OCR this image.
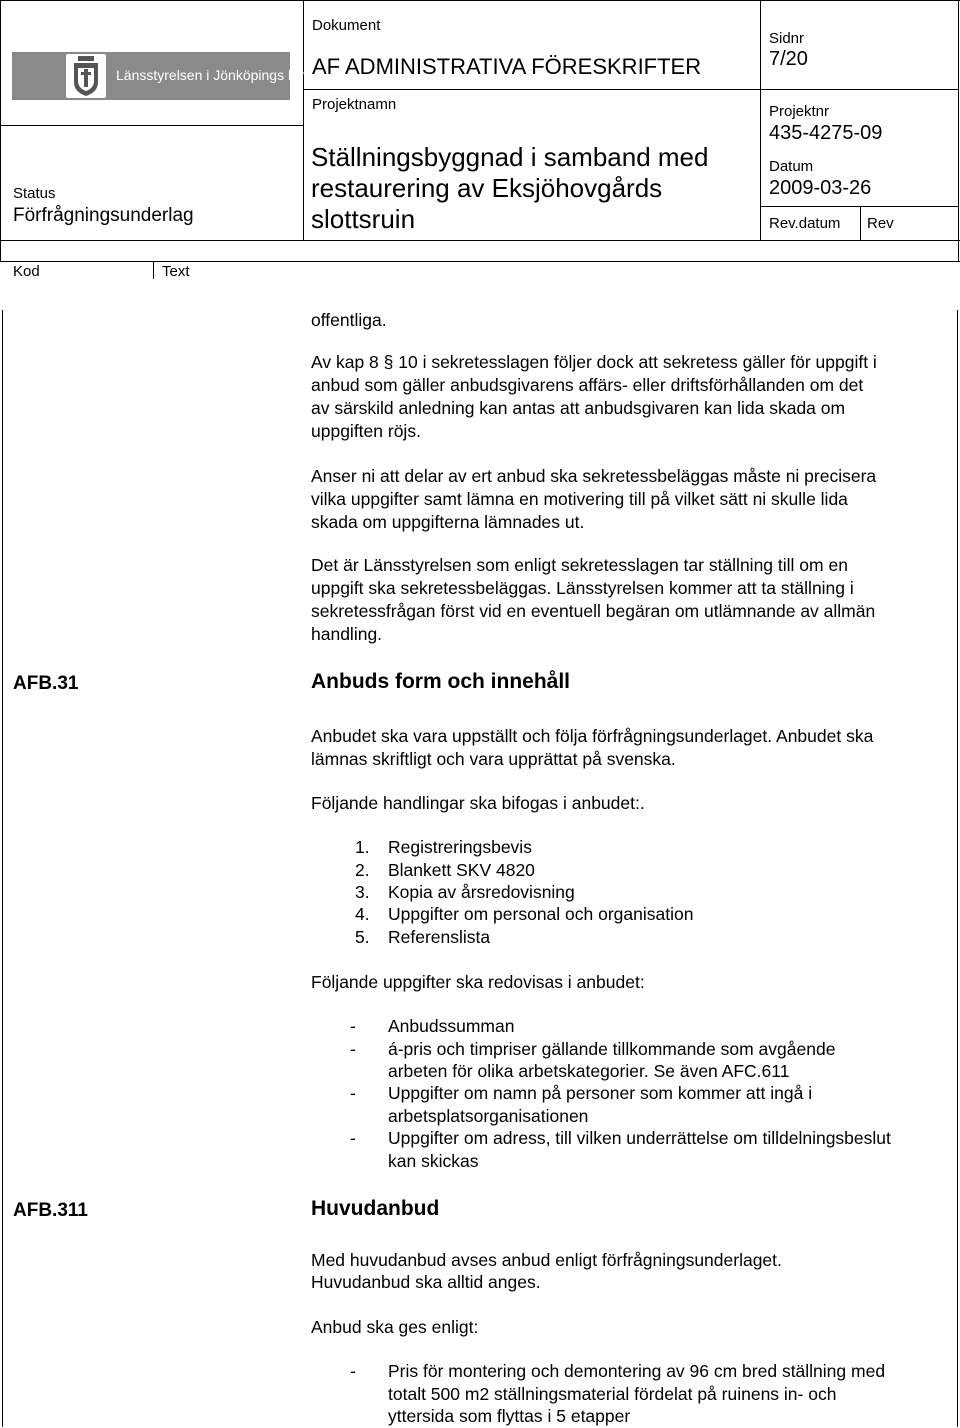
Länsstyrelsen i Jönköpings län
Dokument
AF ADMINISTRATIVA FÖRESKRIFTER
Sidnr
7/20
Projektnamn
Ställningsbyggnad i samband med
restaurering av Eksjöhovgårds
slottsruin
Projektnr
435-4275-09
Datum
2009-03-26
Rev.datum Rev
Status
Förfrågningsunderlag
Kod	Text
offentliga.
Av kap 8 § 10 i sekretesslagen följer dock att sekretess gäller för uppgift i
anbud som gäller anbudsgivarens affärs- eller driftsförhållanden om det
av särskild anledning kan antas att anbudsgivaren kan lida skada om
uppgiften röjs.
Anser ni att delar av ert anbud ska sekretessbeläggas måste ni precisera
vilka uppgifter samt lämna en motivering till på vilket sätt ni skulle lida
skada om uppgifterna lämnades ut.
Det är Länsstyrelsen som enligt sekretesslagen tar ställning till om en
uppgift ska sekretessbeläggas. Länsstyrelsen kommer att ta ställning i
sekretessfrågan först vid en eventuell begäran om utlämnande av allmän
handling.
AFB.31	Anbuds form och innehåll
Anbudet ska vara uppställt och följa förfrågningsunderlaget. Anbudet ska
lämnas skriftligt och vara upprättat på svenska.
Följande handlingar ska bifogas i anbudet:.
1. Registreringsbevis
2. Blankett SKV 4820
3. Kopia av årsredovisning
4. Uppgifter om personal och organisation
5. Referenslista
Följande uppgifter ska redovisas i anbudet:
- Anbudssumman
- á-pris och timpriser gällande tillkommande som avgående
arbeten för olika arbetskategorier. Se även AFC.611
- Uppgifter om namn på personer som kommer att ingå i
arbetsplatsorganisationen
- Uppgifter om adress, till vilken underrättelse om tilldelningsbeslut
kan skickas
AFB.311	Huvudanbud
Med huvudanbud avses anbud enligt förfrågningsunderlaget.
Huvudanbud ska alltid anges.
Anbud ska ges enligt:
- Pris för montering och demontering av 96 cm bred ställning med
totalt 500 m2 ställningsmaterial fördelat på ruinens in- och
yttersida som flyttas i 5 etapper
